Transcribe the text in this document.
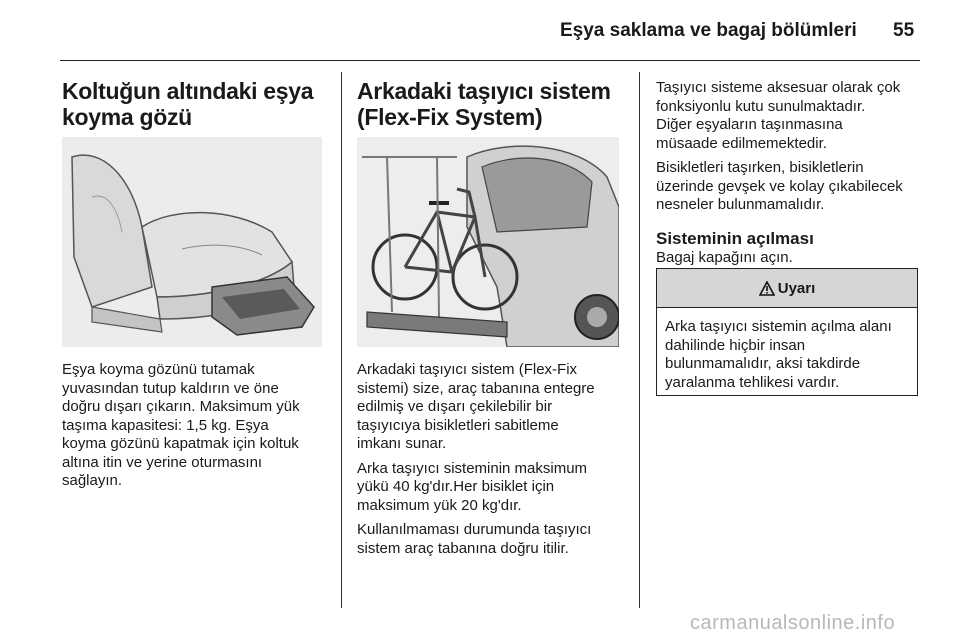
Eşya saklama ve bagaj bölümleri 55
Koltuğun altındaki eşya koyma gözü

Eşya koyma gözünü tutamak

yuvasından tutup kaldırın ve öne

doğru dışarı çıkarın. Maksimum yük

taşıma kapasitesi: 1,5 kg. Eşya

koyma gözünü kapatmak için koltuk

altına itin ve yerine oturmasını

sağlayın.

Arkadaki taşıyıcı sistem (Flex-Fix System)

Arkadaki taşıyıcı sistem (Flex-Fix

sistemi) size, araç tabanına entegre

edilmiş ve dışarı çekilebilir bir

taşıyıcıya bisikletleri sabitleme

imkanı sunar.

Arka taşıyıcı sisteminin maksimum

yükü 40 kg'dır.Her bisiklet için

maksimum yük 20 kg'dır.

Kullanılmaması durumunda taşıyıcı

sistem araç tabanına doğru itilir.

Taşıyıcı sisteme aksesuar olarak çok

fonksiyonlu kutu sunulmaktadır.

Diğer eşyaların taşınmasına

müsaade edilmemektedir.

Bisikletleri taşırken, bisikletlerin

üzerinde gevşek ve kolay çıkabilecek

nesneler bulunmamalıdır.

Sisteminin açılması

Bagaj kapağını açın.

Uyarı

Arka taşıyıcı sistemin açılma alanı

dahilinde hiçbir insan

bulunmamalıdır, aksi takdirde

yaralanma tehlikesi vardır.

carmanualsonline.info
